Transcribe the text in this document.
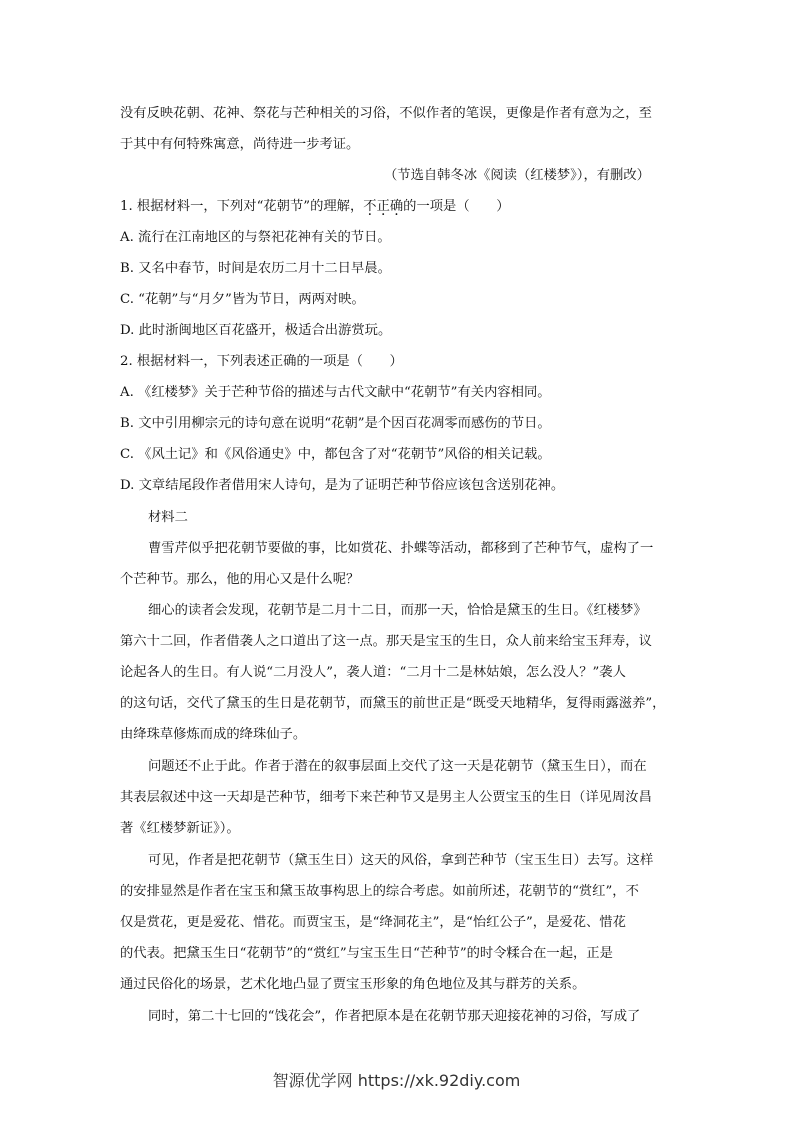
没有反映花朝、花神、祭花与芒种相关的习俗，不似作者的笔误，更像是作者有意为之，至
于其中有何特殊寓意，尚待进一步考证。
（节选自韩冬冰《阅读（红楼梦》），有删改）
1. 根据材料一，下列对“花朝节”的理解，不正确的一项是（　　）
A. 流行在江南地区的与祭祀花神有关的节日。
B. 又名中春节，时间是农历二月十二日早晨。
C. “花朝”与“月夕”皆为节日，两两对映。
D. 此时浙闽地区百花盛开，极适合出游赏玩。
2. 根据材料一，下列表述正确的一项是（　　）
A. 《红楼梦》关于芒种节俗的描述与古代文献中“花朝节”有关内容相同。
B. 文中引用柳宗元的诗句意在说明“花朝”是个因百花凋零而感伤的节日。
C. 《风土记》和《风俗通史》中，都包含了对“花朝节”风俗的相关记载。
D. 文章结尾段作者借用宋人诗句，是为了证明芒种节俗应该包含送别花神。
材料二
曹雪芹似乎把花朝节要做的事，比如赏花、扑蝶等活动，都移到了芒种节气，虚构了一
个芒种节。那么，他的用心又是什么呢？
细心的读者会发现，花朝节是二月十二日，而那一天，恰恰是黛玉的生日。《红楼梦》
第六十二回，作者借袭人之口道出了这一点。那天是宝玉的生日，众人前来给宝玉拜寿，议
论起各人的生日。有人说“二月没人”，袭人道：“二月十二是林姑娘，怎么没人？”袭人
的这句话，交代了黛玉的生日是花朝节，而黛玉的前世正是“既受天地精华，复得雨露滋养”，
由绛珠草修炼而成的绛珠仙子。
问题还不止于此。作者于潜在的叙事层面上交代了这一天是花朝节（黛玉生日），而在
其表层叙述中这一天却是芒种节，细考下来芒种节又是男主人公贾宝玉的生日（详见周汝昌
著《红楼梦新证》）。
可见，作者是把花朝节（黛玉生日）这天的风俗，拿到芒种节（宝玉生日）去写。这样
的安排显然是作者在宝玉和黛玉故事构思上的综合考虑。如前所述，花朝节的“赏红”，不
仅是赏花，更是爱花、惜花。而贾宝玉，是“绛洞花主”，是“怡红公子”，是爱花、惜花
的代表。把黛玉生日“花朝节”的“赏红”与宝玉生日“芒种节”的时令糅合在一起，正是
通过民俗化的场景，艺术化地凸显了贾宝玉形象的角色地位及其与群芳的关系。
同时，第二十七回的“饯花会”，作者把原本是在花朝节那天迎接花神的习俗，写成了
智源优学网 https://xk.92diy.com
